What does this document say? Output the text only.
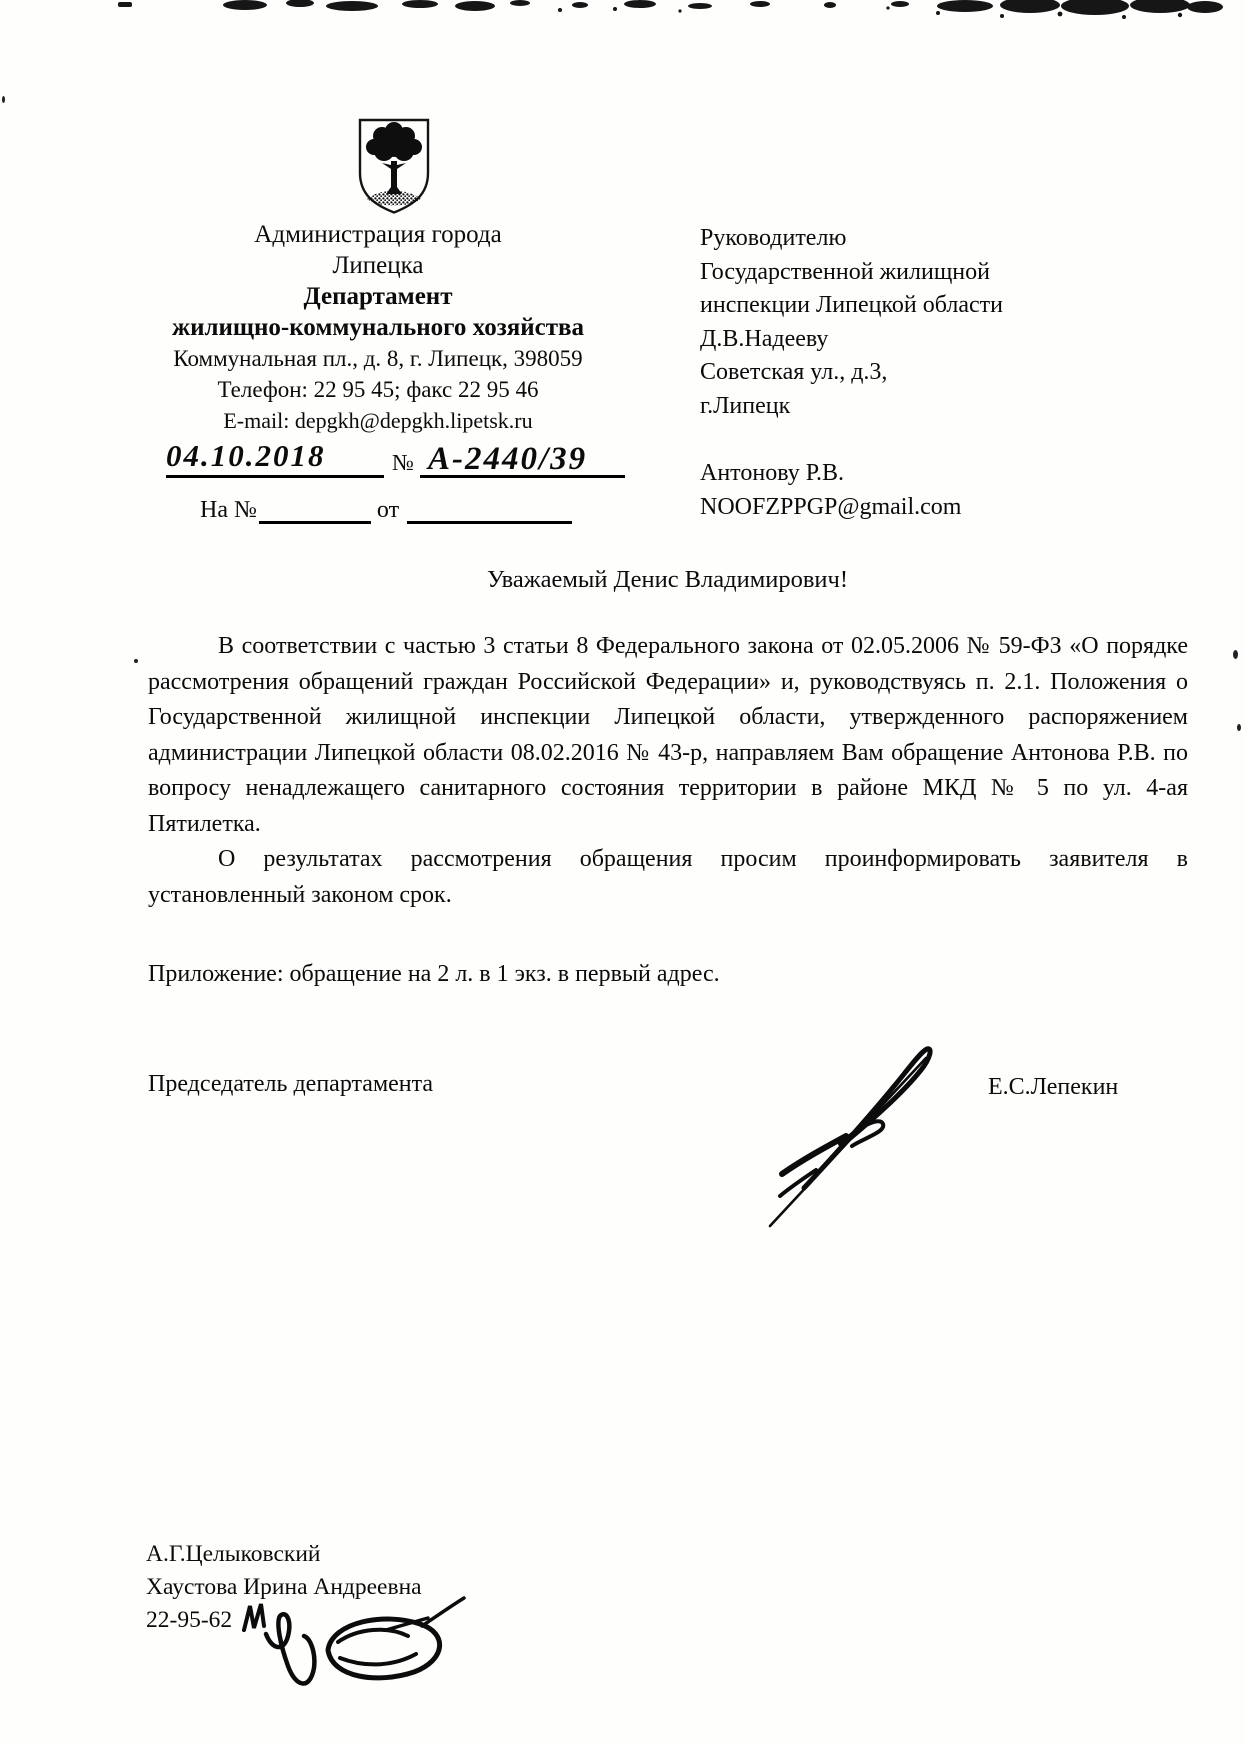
Администрация города
Липецка
Департамент
жилищно-коммунального хозяйства
Коммунальная пл., д. 8, г. Липецк, 398059
Телефон: 22 95 45; факс 22 95 46
E-mail: depgkh@depgkh.lipetsk.ru
04.10.2018	№ А-2440/39
На №	от
Руководителю
Государственной жилищной
инспекции Липецкой области
Д.В.Надееву
Советская ул., д.3,
г.Липецк
Антонову Р.В.
NOOFZPPGP@gmail.com
Уважаемый Денис Владимирович!

В соответствии с частью 3 статьи 8 Федерального закона от 02.05.2006 № 59-ФЗ «О порядке рассмотрения обращений граждан Российской Федерации» и, руководствуясь п. 2.1. Положения о Государственной жилищной инспекции Липецкой области, утвержденного распоряжением администрации Липецкой области 08.02.2016 № 43-р, направляем Вам обращение Антонова Р.В. по вопросу ненадлежащего санитарного состояния территории в районе МКД № 5 по ул. 4-ая Пятилетка.

О результатах рассмотрения обращения просим проинформировать заявителя в установленный законом срок.

Приложение: обращение на 2 л. в 1 экз. в первый адрес.
Председатель департамента	Е.С.Лепекин
А.Г.Целыковский
Хаустова Ирина Андреевна
22-95-62
